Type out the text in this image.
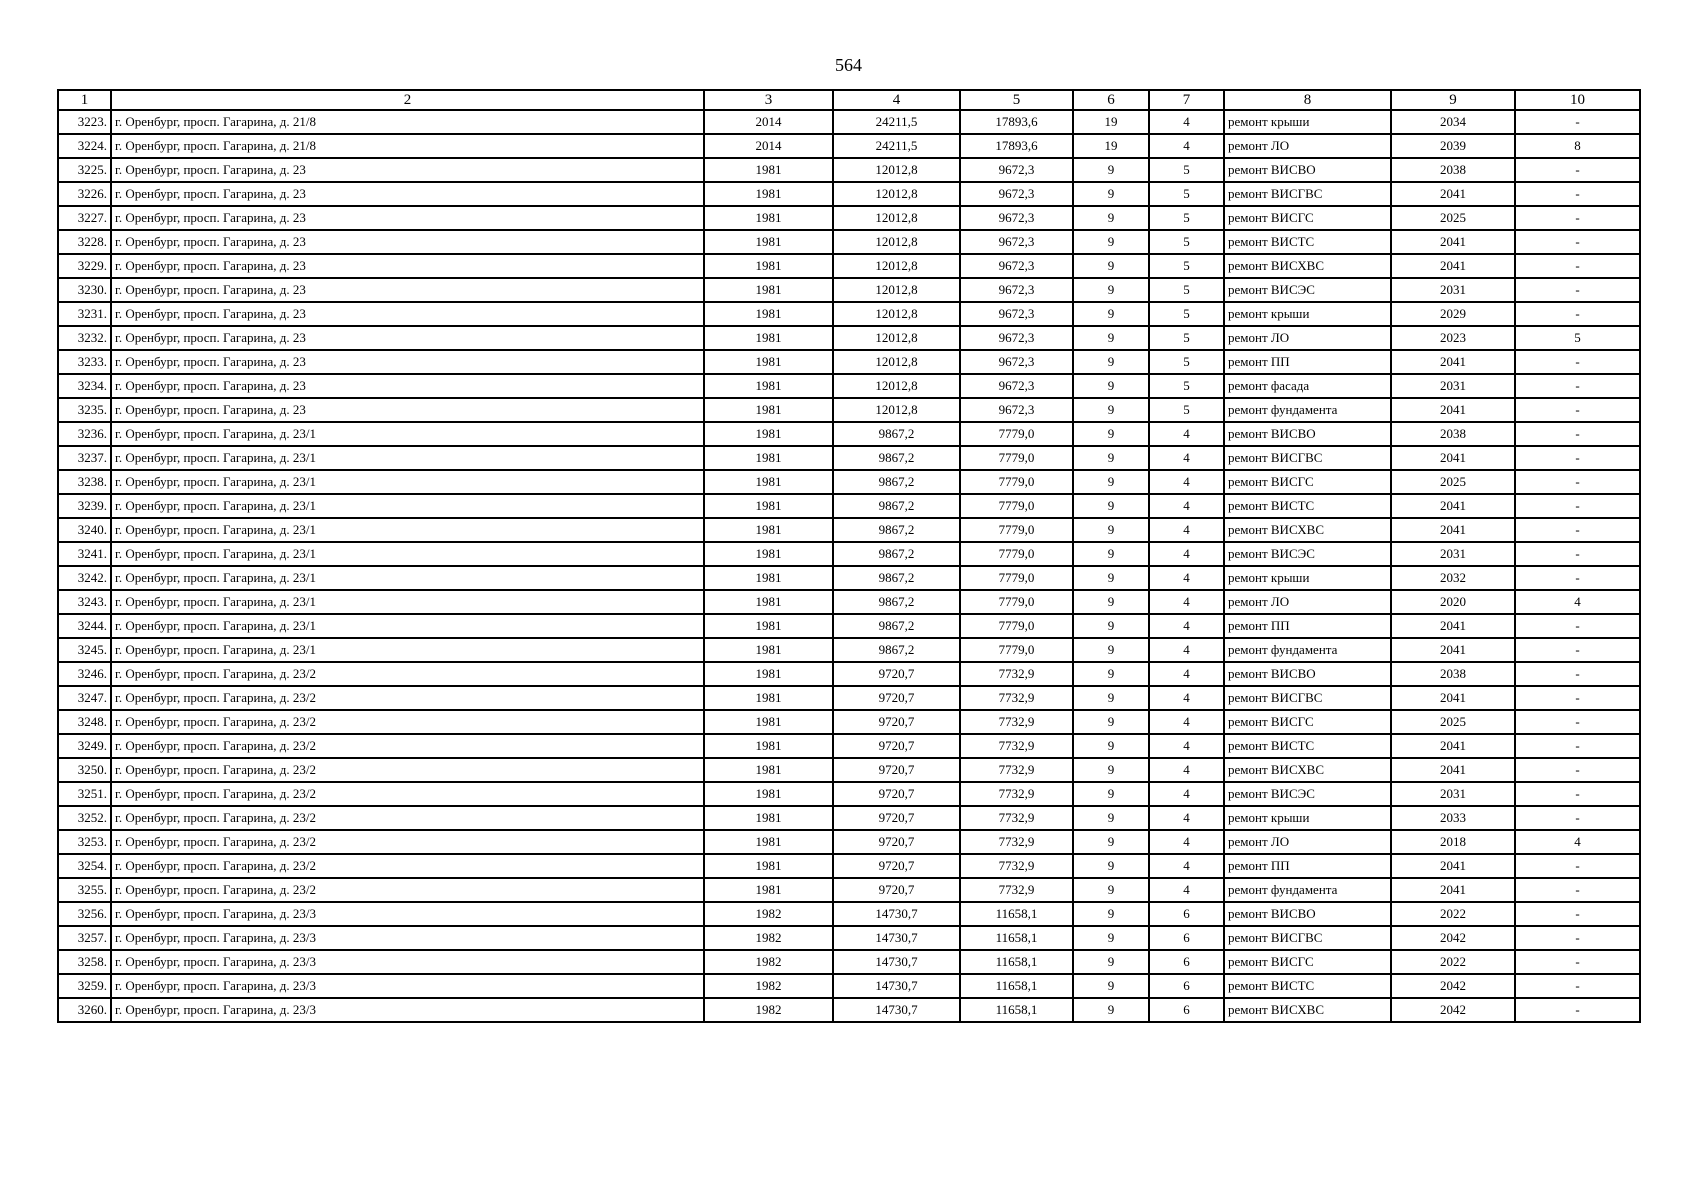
564
1	2	3	4	5	6	7	8	9	10
3223.	г. Оренбург, просп. Гагарина, д. 21/8	2014	24211,5	17893,6	19	4	ремонт крыши	2034	-
3224.	г. Оренбург, просп. Гагарина, д. 21/8	2014	24211,5	17893,6	19	4	ремонт ЛО	2039	8
3225.	г. Оренбург, просп. Гагарина, д. 23	1981	12012,8	9672,3	9	5	ремонт ВИСВО	2038	-
3226.	г. Оренбург, просп. Гагарина, д. 23	1981	12012,8	9672,3	9	5	ремонт ВИСГВС	2041	-
3227.	г. Оренбург, просп. Гагарина, д. 23	1981	12012,8	9672,3	9	5	ремонт ВИСГС	2025	-
3228.	г. Оренбург, просп. Гагарина, д. 23	1981	12012,8	9672,3	9	5	ремонт ВИСТС	2041	-
3229.	г. Оренбург, просп. Гагарина, д. 23	1981	12012,8	9672,3	9	5	ремонт ВИСХВС	2041	-
3230.	г. Оренбург, просп. Гагарина, д. 23	1981	12012,8	9672,3	9	5	ремонт ВИСЭС	2031	-
3231.	г. Оренбург, просп. Гагарина, д. 23	1981	12012,8	9672,3	9	5	ремонт крыши	2029	-
3232.	г. Оренбург, просп. Гагарина, д. 23	1981	12012,8	9672,3	9	5	ремонт ЛО	2023	5
3233.	г. Оренбург, просп. Гагарина, д. 23	1981	12012,8	9672,3	9	5	ремонт ПП	2041	-
3234.	г. Оренбург, просп. Гагарина, д. 23	1981	12012,8	9672,3	9	5	ремонт фасада	2031	-
3235.	г. Оренбург, просп. Гагарина, д. 23	1981	12012,8	9672,3	9	5	ремонт фундамента	2041	-
3236.	г. Оренбург, просп. Гагарина, д. 23/1	1981	9867,2	7779,0	9	4	ремонт ВИСВО	2038	-
3237.	г. Оренбург, просп. Гагарина, д. 23/1	1981	9867,2	7779,0	9	4	ремонт ВИСГВС	2041	-
3238.	г. Оренбург, просп. Гагарина, д. 23/1	1981	9867,2	7779,0	9	4	ремонт ВИСГС	2025	-
3239.	г. Оренбург, просп. Гагарина, д. 23/1	1981	9867,2	7779,0	9	4	ремонт ВИСТС	2041	-
3240.	г. Оренбург, просп. Гагарина, д. 23/1	1981	9867,2	7779,0	9	4	ремонт ВИСХВС	2041	-
3241.	г. Оренбург, просп. Гагарина, д. 23/1	1981	9867,2	7779,0	9	4	ремонт ВИСЭС	2031	-
3242.	г. Оренбург, просп. Гагарина, д. 23/1	1981	9867,2	7779,0	9	4	ремонт крыши	2032	-
3243.	г. Оренбург, просп. Гагарина, д. 23/1	1981	9867,2	7779,0	9	4	ремонт ЛО	2020	4
3244.	г. Оренбург, просп. Гагарина, д. 23/1	1981	9867,2	7779,0	9	4	ремонт ПП	2041	-
3245.	г. Оренбург, просп. Гагарина, д. 23/1	1981	9867,2	7779,0	9	4	ремонт фундамента	2041	-
3246.	г. Оренбург, просп. Гагарина, д. 23/2	1981	9720,7	7732,9	9	4	ремонт ВИСВО	2038	-
3247.	г. Оренбург, просп. Гагарина, д. 23/2	1981	9720,7	7732,9	9	4	ремонт ВИСГВС	2041	-
3248.	г. Оренбург, просп. Гагарина, д. 23/2	1981	9720,7	7732,9	9	4	ремонт ВИСГС	2025	-
3249.	г. Оренбург, просп. Гагарина, д. 23/2	1981	9720,7	7732,9	9	4	ремонт ВИСТС	2041	-
3250.	г. Оренбург, просп. Гагарина, д. 23/2	1981	9720,7	7732,9	9	4	ремонт ВИСХВС	2041	-
3251.	г. Оренбург, просп. Гагарина, д. 23/2	1981	9720,7	7732,9	9	4	ремонт ВИСЭС	2031	-
3252.	г. Оренбург, просп. Гагарина, д. 23/2	1981	9720,7	7732,9	9	4	ремонт крыши	2033	-
3253.	г. Оренбург, просп. Гагарина, д. 23/2	1981	9720,7	7732,9	9	4	ремонт ЛО	2018	4
3254.	г. Оренбург, просп. Гагарина, д. 23/2	1981	9720,7	7732,9	9	4	ремонт ПП	2041	-
3255.	г. Оренбург, просп. Гагарина, д. 23/2	1981	9720,7	7732,9	9	4	ремонт фундамента	2041	-
3256.	г. Оренбург, просп. Гагарина, д. 23/3	1982	14730,7	11658,1	9	6	ремонт ВИСВО	2022	-
3257.	г. Оренбург, просп. Гагарина, д. 23/3	1982	14730,7	11658,1	9	6	ремонт ВИСГВС	2042	-
3258.	г. Оренбург, просп. Гагарина, д. 23/3	1982	14730,7	11658,1	9	6	ремонт ВИСГС	2022	-
3259.	г. Оренбург, просп. Гагарина, д. 23/3	1982	14730,7	11658,1	9	6	ремонт ВИСТС	2042	-
3260.	г. Оренбург, просп. Гагарина, д. 23/3	1982	14730,7	11658,1	9	6	ремонт ВИСХВС	2042	-
